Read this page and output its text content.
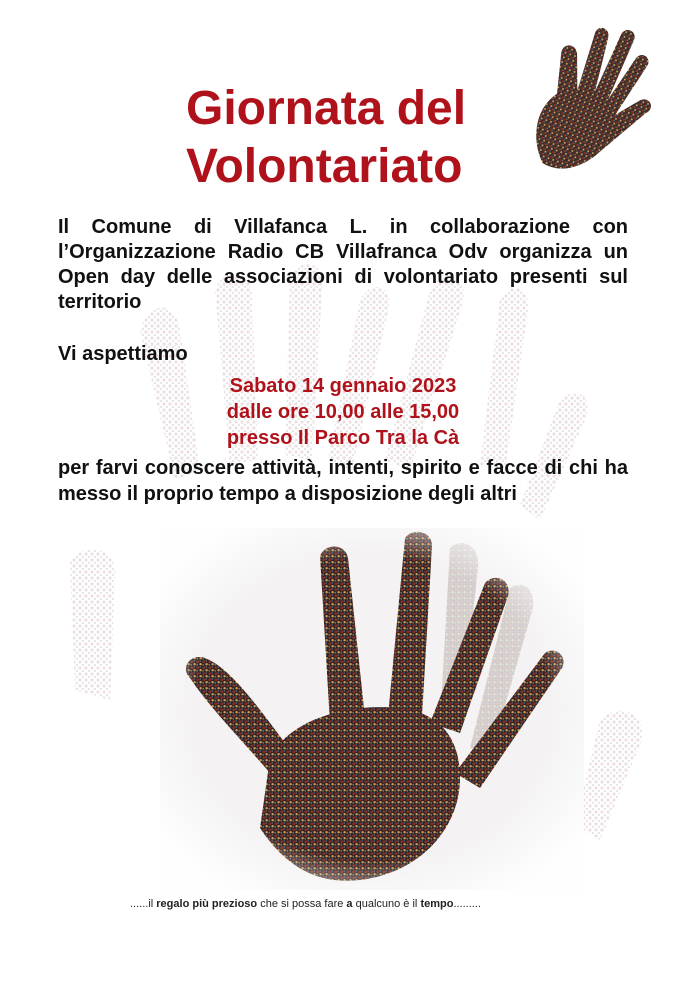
Giornata del
Volontariato
Il Comune di Villafanca L. in collaborazione con l’Organizzazione Radio CB Villafranca Odv organizza un Open day delle associazioni di volontariato presenti sul territorio
Vi aspettiamo
Sabato 14 gennaio 2023
dalle ore 10,00 alle 15,00
presso Il Parco Tra la Cà
per farvi conoscere attività, intenti, spirito e facce di chi ha messo il proprio tempo a disposizione degli altri
......il regalo più prezioso che si possa fare a qualcuno è il tempo.........
